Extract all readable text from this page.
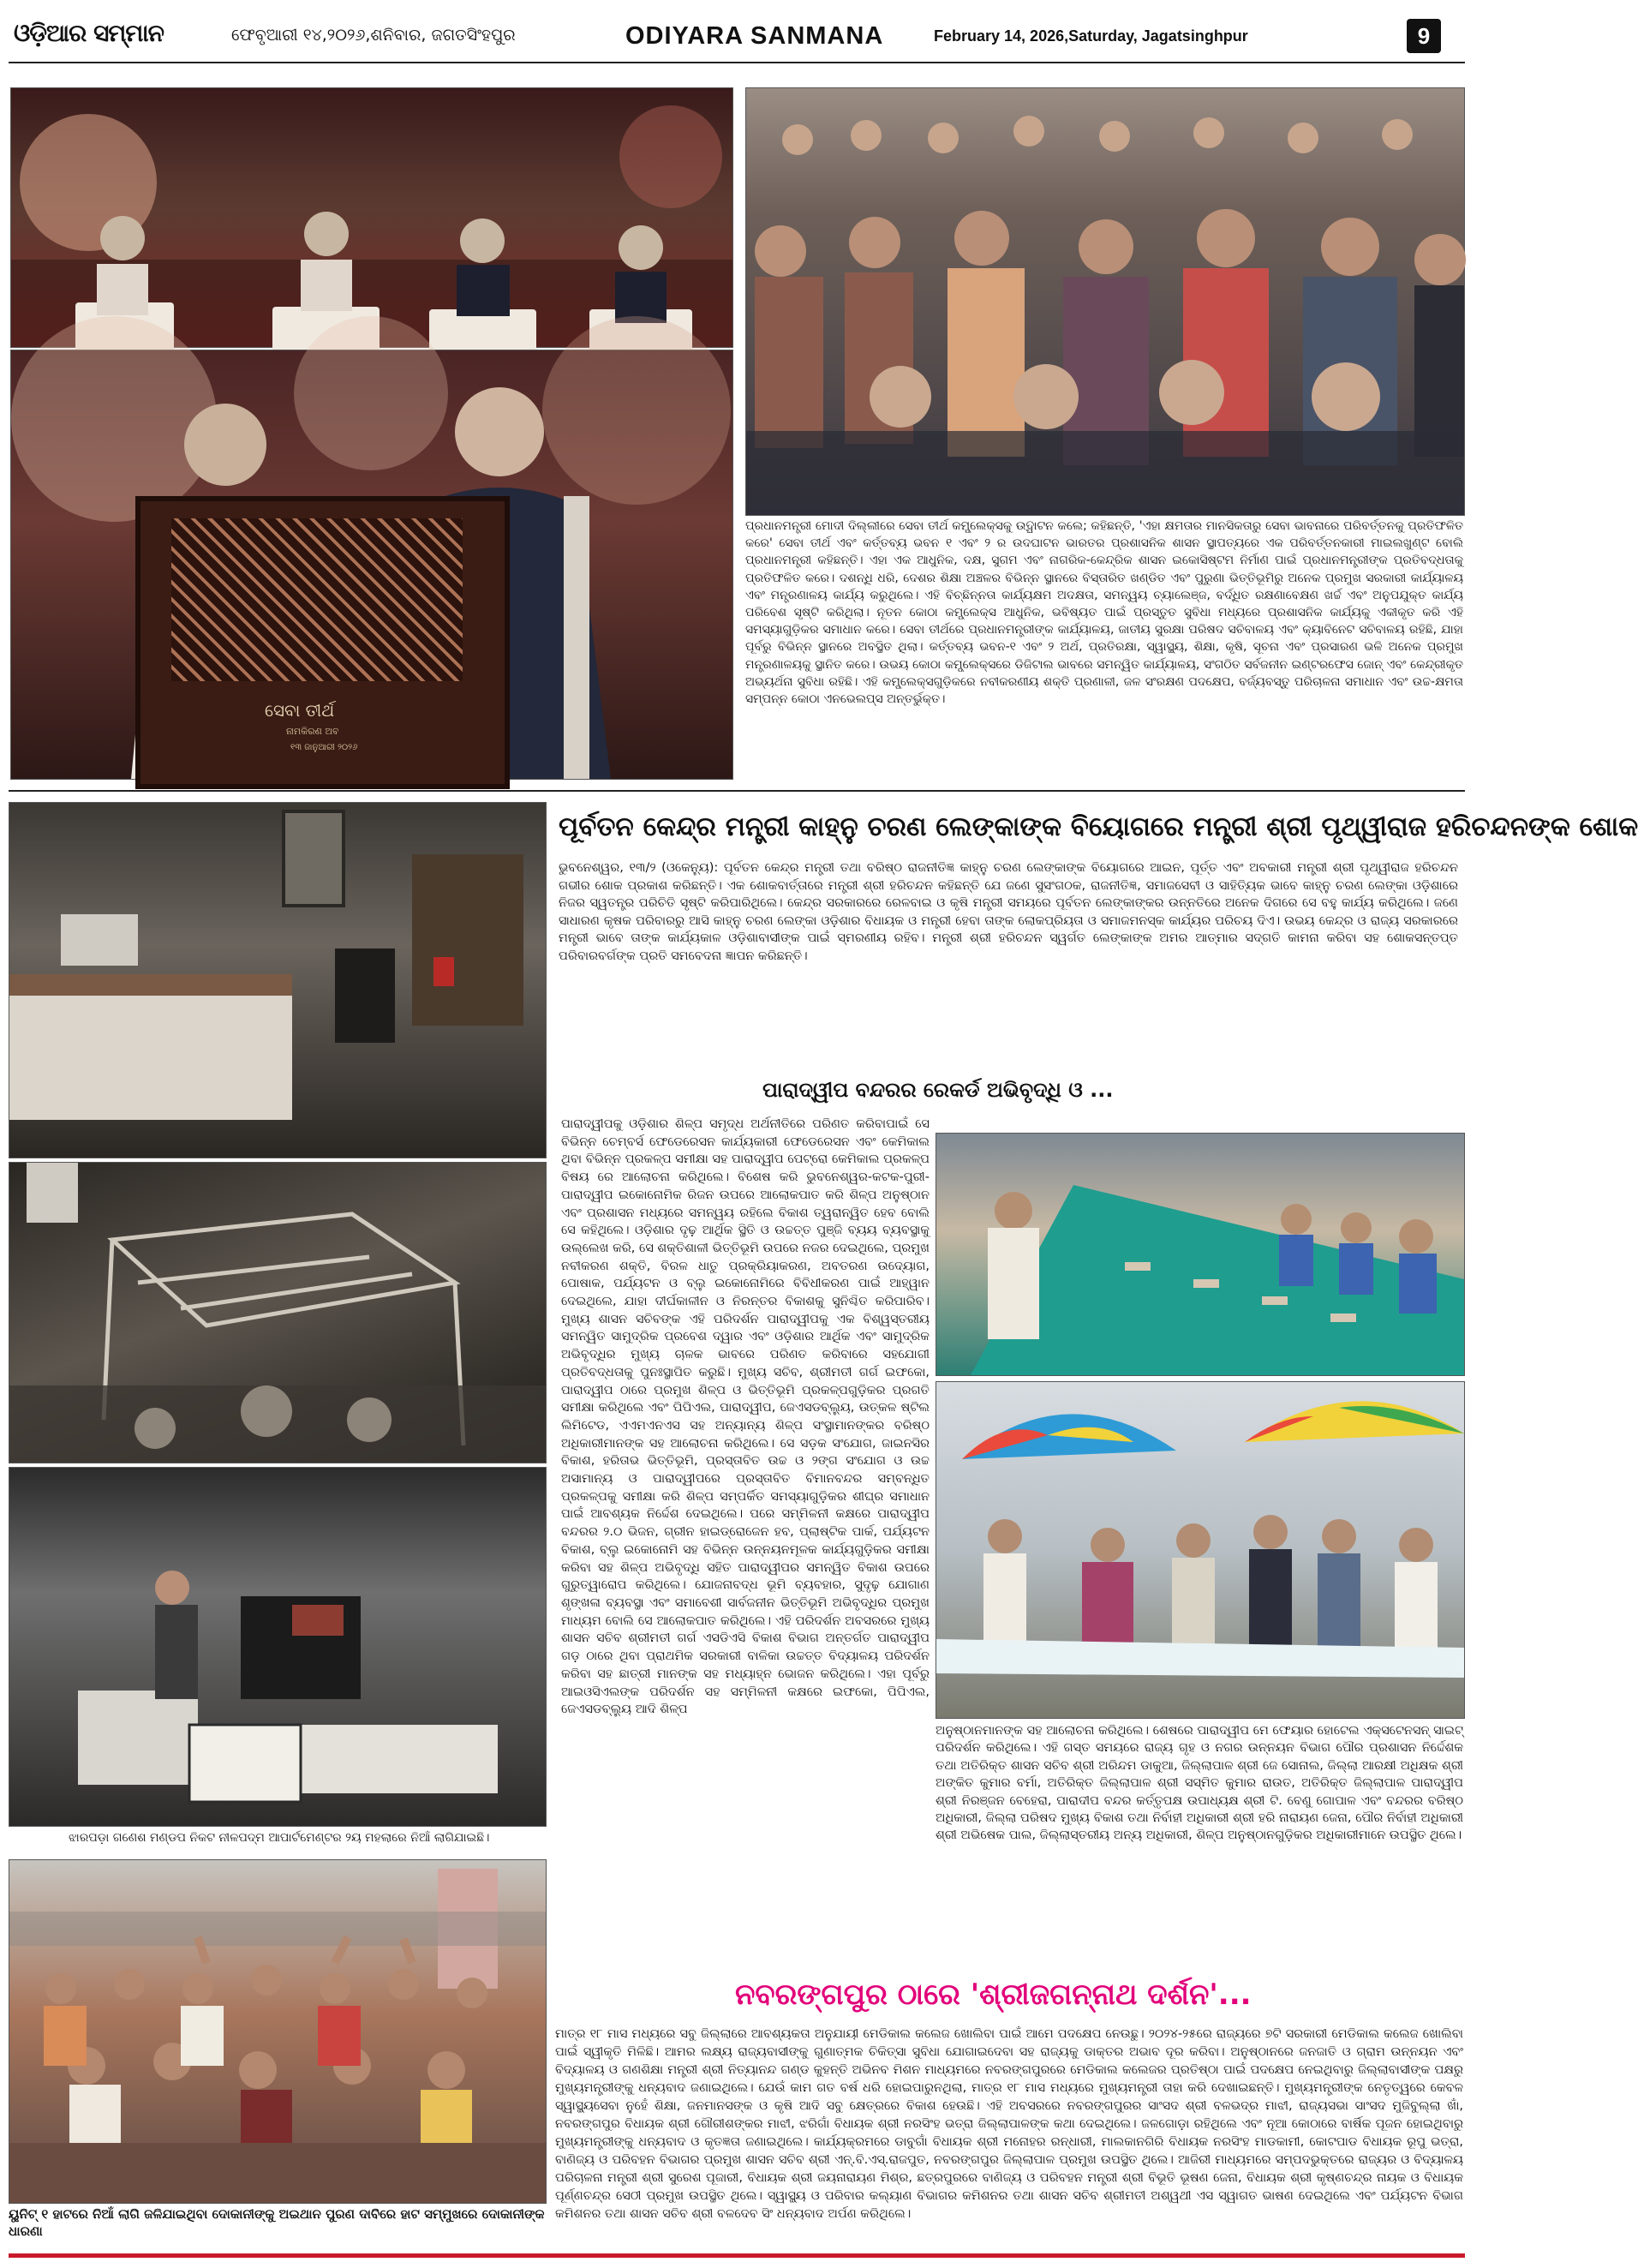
ଓଡ଼ିଆର ସମ୍ମାନ	ଫେବୃଆରୀ ୧୪,୨୦୨୬,ଶନିବାର, ଜଗତସିଂହପୁର	ODIYARA SANMANA	February 14, 2026,Saturday, Jagatsinghpur	9
ସେବା ତୀର୍ଥ
ନାମକିରଣ ଅବ
୧୩ ଜାନୁଆରୀ ୨୦୨୬
ପ୍ରଧାନମନ୍ତ୍ରୀ ମୋଦୀ ଦିଲ୍ଲୀରେ ସେବା ତୀର୍ଥ କମ୍ପ୍ଲେକ୍ସକୁ ଉଦ୍ଘାଟନ କଲେ; କହିଛନ୍ତି, 'ଏହା କ୍ଷମତାର ମାନସିକତାରୁ ସେବା ଭାବନାରେ ପରିବର୍ତ୍ତନକୁ ପ୍ରତିଫଳିତ କରେ' ସେବା ତୀର୍ଥ ଏବଂ କର୍ତ୍ତବ୍ୟ ଭବନ ୧ ଏବଂ ୨ ର ଉଦଘାଟନ ଭାରତର ପ୍ରଶାସନିକ ଶାସନ ସ୍ଥାପତ୍ୟରେ ଏକ ପରିବର୍ତ୍ତନକାରୀ ମାଇଲଖୁଣ୍ଟ ବୋଲି ପ୍ରଧାନମନ୍ତ୍ରୀ କହିଛନ୍ତି। ଏହା ଏକ ଆଧୁନିକ, ଦକ୍ଷ, ସୁଗମ ଏବଂ ନାଗରିକ-କେନ୍ଦ୍ରିକ ଶାସନ ଇକୋସିଷ୍ଟମ ନିର୍ମାଣ ପାଇଁ ପ୍ରଧାନମନ୍ତ୍ରୀଙ୍କ ପ୍ରତିବଦ୍ଧତାକୁ ପ୍ରତିଫଳିତ କରେ। ଦଶନ୍ଧି ଧରି, ଦେଶର ଶିକ୍ଷା ଅଞ୍ଚଳର ବିଭିନ୍ନ ସ୍ଥାନରେ ବିସ୍ତାରିତ ଖଣ୍ଡିତ ଏବଂ ପୁରୁଣା ଭିତ୍ତିଭୂମିରୁ ଅନେକ ପ୍ରମୁଖ ସରକାରୀ କାର୍ଯ୍ୟାଳୟ ଏବଂ ମନ୍ତ୍ରଣାଳୟ କାର୍ଯ୍ୟ କରୁଥିଲେ। ଏହି ବିଚ୍ଛିନ୍ନତା କାର୍ଯ୍ୟକ୍ଷମ ଅଦକ୍ଷତା, ସମନ୍ୱୟ ଚ୍ୟାଲେଞ୍ଜ, ବର୍ଦ୍ଧିତ ରକ୍ଷଣାବେକ୍ଷଣ ଖର୍ଚ୍ଚ ଏବଂ ଅନୁପଯୁକ୍ତ କାର୍ଯ୍ୟ ପରିବେଶ ସୃଷ୍ଟି କରିଥିଲା। ନୂତନ କୋଠା କମ୍ପ୍ଲେକ୍ସ ଆଧୁନିକ, ଭବିଷ୍ୟତ ପାଇଁ ପ୍ରସ୍ତୁତ ସୁବିଧା ମଧ୍ୟରେ ପ୍ରଶାସନିକ କାର୍ଯ୍ୟକୁ ଏକୀକୃତ କରି ଏହି ସମସ୍ୟାଗୁଡ଼ିକର ସମାଧାନ କରେ। ସେବା ତୀର୍ଥରେ ପ୍ରଧାନମନ୍ତ୍ରୀଙ୍କ କାର୍ଯ୍ୟାଳୟ, ଜାତୀୟ ସୁରକ୍ଷା ପରିଷଦ ସଚିବାଳୟ ଏବଂ କ୍ୟାବିନେଟ ସଚିବାଳୟ ରହିଛି, ଯାହା ପୂର୍ବରୁ ବିଭିନ୍ନ ସ୍ଥାନରେ ଅବସ୍ଥିତ ଥିଲା। କର୍ତ୍ତବ୍ୟ ଭବନ-୧ ଏବଂ ୨ ଅର୍ଥ, ପ୍ରତିରକ୍ଷା, ସ୍ୱାସ୍ଥ୍ୟ, ଶିକ୍ଷା, କୃଷି, ସୂଚନା ଏବଂ ପ୍ରସାରଣ ଭଳି ଅନେକ ପ୍ରମୁଖ ମନ୍ତ୍ରଣାଳୟକୁ ସ୍ଥାନିତ କରେ। ଉଭୟ କୋଠା କମ୍ପ୍ଲେକ୍ସରେ ଡିଜିଟାଲ ଭାବରେ ସମନ୍ୱିତ କାର୍ଯ୍ୟାଳୟ, ସଂଗଠିତ ସର୍ବଜନୀନ ଇଣ୍ଟରଫେସ ଜୋନ୍ ଏବଂ କେନ୍ଦ୍ରୀକୃତ ଅଭ୍ୟର୍ଥନା ସୁବିଧା ରହିଛି। ଏହି କମ୍ପ୍ଲେକ୍ସଗୁଡ଼ିକରେ ନବୀକରଣୀୟ ଶକ୍ତି ପ୍ରଣାଳୀ, ଜଳ ସଂରକ୍ଷଣ ପଦକ୍ଷେପ, ବର୍ଜ୍ୟବସ୍ତୁ ପରିଚାଳନା ସମାଧାନ ଏବଂ ଉଚ୍ଚ-କ୍ଷମତା ସମ୍ପନ୍ନ କୋଠା ଏନଭେଲପ୍ସ ଅନ୍ତର୍ଭୁକ୍ତ।
ଝାରପଡ଼ା ଗଣେଶ ମଣ୍ଡପ ନିକଟ ନୀଳପଦ୍ମ ଆପାର୍ଟମେଣ୍ଟର ୨ୟ ମହଲାରେ ନିଆଁ ଲାଗିଯାଇଛି।
ପୂର୍ବତନ କେନ୍ଦ୍ର ମନ୍ତ୍ରୀ କାହ୍ନୁ ଚରଣ ଲେଙ୍କାଙ୍କ ବିୟୋଗରେ ମନ୍ତ୍ରୀ ଶ୍ରୀ ପୃଥ୍ୱୀରାଜ ହରିଚନ୍ଦନଙ୍କ ଶୋକ
ଭୁବନେଶ୍ୱର, ୧୩/୨ (ଓକେନ୍ୟୁ): ପୂର୍ବତନ କେନ୍ଦ୍ର ମନ୍ତ୍ରୀ ତଥା ବରିଷ୍ଠ ରାଜନୀତିଜ୍ଞ କାହ୍ନୁ ଚରଣ ଲେଙ୍କାଙ୍କ ବିୟୋଗରେ ଆଇନ, ପୂର୍ତ୍ତ ଏବଂ ଅବକାରୀ ମନ୍ତ୍ରୀ ଶ୍ରୀ ପୃଥ୍ୱୀରାଜ ହରିଚନ୍ଦନ ଗଭୀର ଶୋକ ପ୍ରକାଶ କରିଛନ୍ତି। ଏକ ଶୋକବାର୍ତ୍ତାରେ ମନ୍ତ୍ରୀ ଶ୍ରୀ ହରିଚନ୍ଦନ କହିଛନ୍ତି ଯେ ଜଣେ ସୁସଂଗଠକ, ରାଜନୀତିଜ୍ଞ, ସମାଜସେବୀ ଓ ସାହିତ୍ୟିକ ଭାବେ କାହ୍ନୁ ଚରଣ ଲେଙ୍କା ଓଡ଼ିଶାରେ ନିଜର ସ୍ୱତନ୍ତ୍ର ପରିଚିତି ସୃଷ୍ଟି କରିପାରିଥିଲେ। କେନ୍ଦ୍ର ସରକାରରେ ରେଳବାଇ ଓ କୃଷି ମନ୍ତ୍ରୀ ସମୟରେ ପୂର୍ବତନ ଲେଙ୍କାଙ୍କର ଉନ୍ନତିରେ ଅନେକ ଦିଗରେ ସେ ବହୁ କାର୍ଯ୍ୟ କରିଥିଲେ। ଜଣେ ସାଧାରଣ କୃଷକ ପରିବାରରୁ ଆସି କାହ୍ନୁ ଚରଣ ଲେଙ୍କା ଓଡ଼ିଶାର ବିଧାୟକ ଓ ମନ୍ତ୍ରୀ ହେବା ତାଙ୍କ ଲୋକପ୍ରିୟତା ଓ ସମାଜମନସ୍କ କାର୍ଯ୍ୟର ପରିଚୟ ଦିଏ। ଉଭୟ କେନ୍ଦ୍ର ଓ ରାଜ୍ୟ ସରକାରରେ ମନ୍ତ୍ରୀ ଭାବେ ତାଙ୍କ କାର୍ଯ୍ୟକାଳ ଓଡ଼ିଶାବାସୀଙ୍କ ପାଇଁ ସ୍ମରଣୀୟ ରହିବ। ମନ୍ତ୍ରୀ ଶ୍ରୀ ହରିଚନ୍ଦନ ସ୍ୱର୍ଗତ ଲେଙ୍କାଙ୍କ ଅମର ଆତ୍ମାର ସଦ୍ଗତି କାମନା କରିବା ସହ ଶୋକସନ୍ତପ୍ତ ପରିବାରବର୍ଗଙ୍କ ପ୍ରତି ସମବେଦନା ଜ୍ଞାପନ କରିଛନ୍ତି।
ପାରାଦ୍ୱୀପ ବନ୍ଦରର ରେକର୍ଡ ଅଭିବୃଦ୍ଧି ଓ ...
ପାରାଦ୍ୱୀପକୁ ଓଡ଼ିଶାର ଶିଳ୍ପ ସମୃଦ୍ଧ ଅର୍ଥନୀତିରେ ପରିଣତ କରିବାପାଇଁ ସେ ବିଭିନ୍ନ ଚେମ୍ବର୍ସ ଫେଡେରେସନ କାର୍ଯ୍ୟକାରୀ ଫେଡେରେସନ ଏବଂ କେମିକାଲ ଥିବା ବିଭିନ୍ନ ପ୍ରକଳ୍ପ ସମୀକ୍ଷା ସହ ପାରାଦ୍ୱୀପ ପେଟ୍ରୋ କେମିକାଲ ପ୍ରକଳ୍ପ ବିଷୟ ରେ ଆଲୋଚନା କରିଥିଲେ। ବିଶେଷ କରି ଭୁବନେଶ୍ୱର-କଟକ-ପୁରୀ-ପାରାଦ୍ୱୀପ ଇକୋନୋମିକ ରିଜନ ଉପରେ ଆଲୋକପାତ କରି ଶିଳ୍ପ ଅନୁଷ୍ଠାନ ଏବଂ ପ୍ରଶାସନ ମଧ୍ୟରେ ସମନ୍ୱୟ ରହିଲେ ବିକାଶ ତ୍ୱରାନ୍ୱିତ ହେବ ବୋଲି ସେ କହିଥିଲେ। ଓଡ଼ିଶାର ଦୃଢ଼ ଆର୍ଥିକ ସ୍ଥିତି ଓ ଉଚ୍ଚତ୍ତ ପୁଞ୍ଜି ବ୍ୟୟ ବ୍ୟବସ୍ଥାକୁ ଉଲ୍ଲେଖ କରି, ସେ ଶକ୍ତିଶାଳୀ ଭିତ୍ତିଭୂମି ଉପରେ ନଜର ଦେଇଥିଲେ, ପ୍ରମୁଖ ନବୀକରଣ ଶକ୍ତି, ବିରଳ ଧାତୁ ପ୍ରକ୍ରିୟାକରଣ, ଅବତରଣ ଉଦ୍ୟୋଗ, ପୋଷାକ, ପର୍ଯ୍ୟଟନ ଓ ବ୍ଲୁ ଇକୋନୋମିରେ ବିବିଧୀକରଣ ପାଇଁ ଆହ୍ୱାନ ଦେଇଥିଲେ, ଯାହା ଦୀର୍ଘକାଳୀନ ଓ ନିରନ୍ତର ବିକାଶକୁ ସୁନିଶ୍ଚିତ କରିପାରିବ। ମୁଖ୍ୟ ଶାସନ ସଚିବଙ୍କ ଏହି ପରିଦର୍ଶନ ପାରାଦ୍ୱୀପକୁ ଏକ ବିଶ୍ୱସ୍ତରୀୟ ସମନ୍ୱିତ ସାମୁଦ୍ରିକ ପ୍ରବେଶ ଦ୍ୱାର ଏବଂ ଓଡ଼ିଶାର ଆର୍ଥିକ ଏବଂ ସାମୁଦ୍ରିକ ଅଭିବୃଦ୍ଧିର ମୁଖ୍ୟ ଚାଳକ ଭାବରେ ପରିଣତ କରିବାରେ ସହଯୋଗୀ ପ୍ରତିବଦ୍ଧତାକୁ ପୁନଃସ୍ଥାପିତ କରୁଛି। ମୁଖ୍ୟ ସଚିବ, ଶ୍ରୀମତୀ ଗର୍ଗ ଇଫକୋ, ପାରାଦ୍ୱୀପ ଠାରେ ପ୍ରମୁଖ ଶିଳ୍ପ ଓ ଭିତ୍ତିଭୂମି ପ୍ରକଳ୍ପଗୁଡ଼ିକର ପ୍ରଗତି ସମୀକ୍ଷା କରିଥିଲେ ଏବଂ ପିପିଏଲ, ପାରାଦ୍ୱୀପ, ଜେଏସଡବ୍ଲ୍ୟୁ, ଉତ୍କଳ ଷ୍ଟିଲ ଲିମିଟେଡ, ଏଏମଏନଏସ ସହ ଅନ୍ୟାନ୍ୟ ଶିଳ୍ପ ସଂସ୍ଥାମାନଙ୍କର ବରିଷ୍ଠ ଅଧିକାରୀମାନଙ୍କ ସହ ଆଲୋଚନା କରିଥିଲେ। ସେ ସଡ଼କ ସଂଯୋଗ, ଜାଇନସିର ବିକାଶ, ହରିତାଭ ଭିତ୍ତିଭୂମି, ପ୍ରସ୍ତାବିତ ଉଚ୍ଚ ଓ ୨ଙ୍ଗ ସଂଯୋଗ ଓ ଉଚ୍ଚ ଅସାମାନ୍ୟ ଓ ପାରାଦ୍ୱୀପରେ ପ୍ରସ୍ତାବିତ ବିମାନବନ୍ଦର ସମ୍ବନ୍ଧିତ ପ୍ରକଳ୍ପକୁ ସମୀକ୍ଷା କରି ଶିଳ୍ପ ସମ୍ପର୍କିତ ସମସ୍ୟାଗୁଡ଼ିକର ଶୀଘ୍ର ସମାଧାନ ପାଇଁ ଆବଶ୍ୟକ ନିର୍ଦ୍ଦେଶ ଦେଇଥିଲେ। ପରେ ସମ୍ମିଳନୀ କକ୍ଷରେ ପାରାଦ୍ୱୀପ ବନ୍ଦରର ୨.୦ ଭିଜନ, ଗ୍ରୀନ ହାଇଡ୍ରୋଜେନ ହବ, ପ୍ଲାଷ୍ଟିକ ପାର୍କ, ପର୍ଯ୍ୟଟନ ବିକାଶ, ବ୍ଲୁ ଇକୋନୋମି ସହ ବିଭିନ୍ନ ଉନ୍ନୟନମୂଳକ କାର୍ଯ୍ୟଗୁଡ଼ିକର ସମୀକ୍ଷା କରିବା ସହ ଶିଳ୍ପ ଅଭିବୃଦ୍ଧି ସହିତ ପାରାଦ୍ୱୀପର ସମନ୍ୱିତ ବିକାଶ ଉପରେ ଗୁରୁତ୍ୱାରୋପ କରିଥିଲେ। ଯୋଜନାବଦ୍ଧ ଭୂମି ବ୍ୟବହାର, ସୁଦୃଢ଼ ଯୋଗାଣ ଶୃଙ୍ଖଳା ବ୍ୟବସ୍ଥା ଏବଂ ସମାବେଶୀ ସାର୍ବଜନୀନ ଭିତ୍ତିଭୂମି ଅଭିବୃଦ୍ଧିର ପ୍ରମୁଖ ମାଧ୍ୟମ ବୋଲି ସେ ଆଲୋକପାତ କରିଥିଲେ। ଏହି ପରିଦର୍ଶନ ଅବସରରେ ମୁଖ୍ୟ ଶାସନ ସଚିବ ଶ୍ରୀମତୀ ଗର୍ଗ ଏସଡିଏସି ବିକାଶ ବିଭାଗ ଅନ୍ତର୍ଗତ ପାରାଦ୍ୱୀପ ଗଡ଼ ଠାରେ ଥିବା ପ୍ରାଥମିକ ସରକାରୀ ବାଳିକା ଉଚ୍ଚତ୍ତ ବିଦ୍ୟାଳୟ ପରିଦର୍ଶନ କରିବା ସହ ଛାତ୍ରୀ ମାନଙ୍କ ସହ ମଧ୍ୟାହ୍ନ ଭୋଜନ କରିଥିଲେ। ଏହା ପୂର୍ବରୁ ଆଇଓସିଏଲଙ୍କ ପରିଦର୍ଶନ ସହ ସମ୍ମିଳନୀ କକ୍ଷରେ ଇଫକୋ, ପିପିଏଲ, ଜେଏସଡବ୍ଲ୍ୟୁ ଆଦି ଶିଳ୍ପ
ଅନୁଷ୍ଠାନମାନଙ୍କ ସହ ଆଲୋଚନା କରିଥିଲେ। ଶେଷରେ ପାରାଦ୍ୱୀପ ମେ ଫେୟାର ହୋଟେଲ ଏକ୍ସଟେନସନ୍ ସାଇଟ୍ ପରିଦର୍ଶନ କରିଥିଲେ। ଏହି ଗସ୍ତ ସମୟରେ ରାଜ୍ୟ ଗୃହ ଓ ନଗର ଉନ୍ନୟନ ବିଭାଗ ପୌର ପ୍ରଶାସନ ନିର୍ଦ୍ଦେଶକ ତଥା ଅତିରିକ୍ତ ଶାସନ ସଚିବ ଶ୍ରୀ ଅରିନ୍ଦମ ଡାକୁଆ, ଜିଲ୍ଲାପାଳ ଶ୍ରୀ ଜେ ସୋନାଲ, ଜିଲ୍ଲା ଆରକ୍ଷୀ ଅଧିକ୍ଷକ ଶ୍ରୀ ଅଙ୍କିତ କୁମାର ବର୍ମା, ଅତିରିକ୍ତ ଜିଲ୍ଲାପାଳ ଶ୍ରୀ ସସ୍ମିତ କୁମାର ରାଉତ, ଅତିରିକ୍ତ ଜିଲ୍ଲାପାଳ ପାରାଦ୍ୱୀପ ଶ୍ରୀ ନିରଞ୍ଜନ ବେହେରା, ପାରାଦୀପ ବନ୍ଦର କର୍ତ୍ତୃପକ୍ଷ ଉପାଧ୍ୟକ୍ଷ ଶ୍ରୀ ଟି. ବେଣୁ ଗୋପାଳ ଏବଂ ବନ୍ଦରର ବରିଷ୍ଠ ଅଧିକାରୀ, ଜିଲ୍ଲା ପରିଷଦ ମୁଖ୍ୟ ବିକାଶ ତଥା ନିର୍ବାହୀ ଅଧିକାରୀ ଶ୍ରୀ ହରି ନାରାୟଣ ଜେନା, ପୌର ନିର୍ବାହୀ ଅଧିକାରୀ ଶ୍ରୀ ଅଭିଷେକ ପାଲ, ଜିଲ୍ଲାସ୍ତରୀୟ ଅନ୍ୟ ଅଧିକାରୀ, ଶିଳ୍ପ ଅନୁଷ୍ଠାନଗୁଡ଼ିକର ଅଧିକାରୀମାନେ ଉପସ୍ଥିତ ଥିଲେ।
ୟୁନିଟ୍ ୧ ହାଟରେ ନିଆଁ ଲାଗି ଜଳିଯାଇଥିବା ଦୋକାନୀଙ୍କୁ ଅଇଥାନ ପୁରଣ ଦାବିରେ ହାଟ ସମ୍ମୁଖରେ ଦୋକାନୀଙ୍କ ଧାରଣା
ନବରଙ୍ଗପୁର ଠାରେ 'ଶ୍ରୀଜଗନ୍ନାଥ ଦର୍ଶନ'...
ମାତ୍ର ୧୮ ମାସ ମଧ୍ୟରେ ସବୁ ଜିଲ୍ଲାରେ ଆବଶ୍ୟକତା ଅନୁଯାୟୀ ମେଡିକାଲ କଲେଜ ଖୋଲିବା ପାଇଁ ଆମେ ପଦକ୍ଷେପ ନେଉଛୁ। ୨୦୨୪-୨୫ରେ ରାଜ୍ୟରେ ୭ଟି ସରକାରୀ ମେଡିକାଲ କଲେଜ ଖୋଲିବା ପାଇଁ ସ୍ୱୀକୃତି ମିଳିଛି। ଆମର ଲକ୍ଷ୍ୟ ରାଜ୍ୟବାସୀଙ୍କୁ ଗୁଣାତ୍ମକ ଚିକିତ୍ସା ସୁବିଧା ଯୋଗାଇଦେବା ସହ ରାଜ୍ୟକୁ ଡାକ୍ତର ଅଭାବ ଦୂର କରିବା। ଅନୁଷ୍ଠାନରେ ଜନଜାତି ଓ ଗ୍ରାମ ଉନ୍ନୟନ ଏବଂ ବିଦ୍ୟାଳୟ ଓ ଗଣଶିକ୍ଷା ମନ୍ତ୍ରୀ ଶ୍ରୀ ନିତ୍ୟାନନ୍ଦ ଗଣ୍ଡ କୁହନ୍ତି ଅଭିନବ ମିଶନ ମାଧ୍ୟମରେ ନବରଙ୍ଗପୁରରେ ମେଡିକାଲ କଲେଜର ପ୍ରତିଷ୍ଠା ପାଇଁ ପଦକ୍ଷେପ ନେଇଥିବାରୁ ଜିଲ୍ଲାବାସୀଙ୍କ ପକ୍ଷରୁ ମୁଖ୍ୟମନ୍ତ୍ରୀଙ୍କୁ ଧନ୍ୟବାଦ ଜଣାଇଥିଲେ। ଯେଉଁ କାମ ଗତ ବର୍ଷ ଧରି ହୋଇପାରୁନଥିଲା, ମାତ୍ର ୧୮ ମାସ ମଧ୍ୟରେ ମୁଖ୍ୟମନ୍ତ୍ରୀ ତାହା କରି ଦେଖାଇଛନ୍ତି। ମୁଖ୍ୟମନ୍ତ୍ରୀଙ୍କ ନେତୃତ୍ୱରେ କେବଳ ସ୍ୱାସ୍ଥ୍ୟସେବା ନୁହେଁ ଶିକ୍ଷା, ଜନମାନସଙ୍କ ଓ କୃଷି ଆଦି ସବୁ କ୍ଷେତ୍ରରେ ବିକାଶ ହେଉଛି। ଏହି ଅବସରରେ ନବରଙ୍ଗପୁରର ସାଂସଦ ଶ୍ରୀ ବଳଭଦ୍ର ମାଝୀ, ରାଜ୍ୟସଭା ସାଂସଦ ମୁଜିବୁଲ୍ଲା ଖାଁ, ନବରଙ୍ଗପୁର ବିଧାୟକ ଶ୍ରୀ ଗୌରୀଶଙ୍କର ମାଝୀ, ଝରିଗାଁ ବିଧାୟକ ଶ୍ରୀ ନରସିଂହ ଭତ୍ରା ଜିଲ୍ଲାପାଳଙ୍କ କଥା ଦେଇଥିଲେ। ଜଳଗୋଡ଼ା ରହିଥିଲେ ଏବଂ ନୂଆ କୋଠାରେ ବାର୍ଷିକ ପୂଜନ ହୋଇଥିବାରୁ ମୁଖ୍ୟମନ୍ତ୍ରୀଙ୍କୁ ଧନ୍ୟବାଦ ଓ କୃତଜ୍ଞତା ଜଣାଇଥିଲେ। କାର୍ଯ୍ୟକ୍ରମରେ ଡାବୁଗାଁ ବିଧାୟକ ଶ୍ରୀ ମନୋହର ରନ୍ଧାରୀ, ମାଲକାନଗିରି ବିଧାୟକ ନରସିଂହ ମାଡକାମୀ, କୋଟପାଡ ବିଧାୟକ ରୂପୁ ଭତ୍ରା, ବାଣିଜ୍ୟ ଓ ପରିବହନ ବିଭାଗର ପ୍ରମୁଖ ଶାସନ ସଚିବ ଶ୍ରୀ ଏନ୍.ବି.ଏସ୍.ରାଜପୁତ, ନବରଙ୍ଗପୁର ଜିଲ୍ଲାପାଳ ପ୍ରମୁଖ ଉପସ୍ଥିତ ଥିଲେ। ଆଜିରୀ ମାଧ୍ୟମରେ ସମ୍ପଦଭୁକ୍ତରେ ରାଜ୍ୟର ଓ ବିଦ୍ୟାଳୟ ପରିଚାଳନା ମନ୍ତ୍ରୀ ଶ୍ରୀ ସୁରେଶ ପୂଜାରୀ, ବିଧାୟକ ଶ୍ରୀ ଜୟନାରାୟଣ ମିଶ୍ର, ଛତ୍ରପୁରରେ ବାଣିଜ୍ୟ ଓ ପରିବହନ ମନ୍ତ୍ରୀ ଶ୍ରୀ ବିଭୂତି ଭୂଷଣ ଜେନା, ବିଧାୟକ ଶ୍ରୀ କୃଷ୍ଣଚନ୍ଦ୍ର ନାୟକ ଓ ବିଧାୟକ ପୂର୍ଣ୍ଣଚନ୍ଦ୍ର ସେଠୀ ପ୍ରମୁଖ ଉପସ୍ଥିତ ଥିଲେ। ସ୍ୱାସ୍ଥ୍ୟ ଓ ପରିବାର କଲ୍ୟାଣ ବିଭାଗର କମିଶନର ତଥା ଶାସନ ସଚିବ ଶ୍ରୀମତୀ ଅଶ୍ୱଥୀ ଏସ ସ୍ୱାଗତ ଭାଷଣ ଦେଇଥିଲେ ଏବଂ ପର୍ଯ୍ୟଟନ ବିଭାଗ କମିଶନର ତଥା ଶାସନ ସଚିବ ଶ୍ରୀ ବଳଦେବ ସିଂ ଧନ୍ୟବାଦ ଅର୍ପଣ କରିଥିଲେ।
